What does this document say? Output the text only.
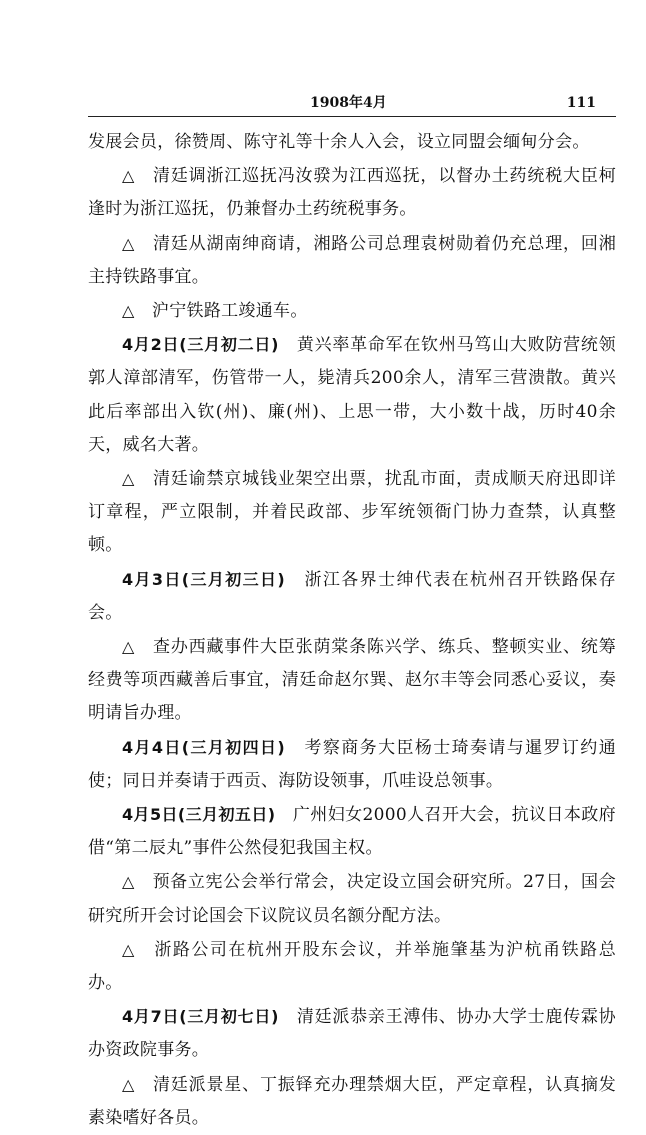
1908年4月	111

发展会员，徐赞周、陈守礼等十余人入会，设立同盟会缅甸分会。

△　 清廷调浙江巡抚冯汝骙为江西巡抚，以督办土药统税大臣柯逢时为浙江巡抚，仍兼督办土药统税事务。

△　 清廷从湖南绅商请，湘路公司总理袁树勋着仍充总理，回湘主持铁路事宜。

△　 沪宁铁路工竣通车。

4月2日(三月初二日)　 黄兴率革命军在钦州马笃山大败防营统领郭人漳部清军，伤管带一人，毙清兵200余人，清军三营溃散。黄兴此后率部出入钦(州)、廉(州)、上思一带，大小数十战，历时40余天，威名大著。

△　 清廷谕禁京城钱业架空出票，扰乱市面，责成顺天府迅即详订章程，严立限制，并着民政部、步军统领衙门协力查禁，认真整顿。

4月3日(三月初三日)　 浙江各界士绅代表在杭州召开铁路保存会。

△　 查办西藏事件大臣张荫棠条陈兴学、练兵、整顿实业、统筹经费等项西藏善后事宜，清廷命赵尔巽、赵尔丰等会同悉心妥议，奏明请旨办理。

4月4日(三月初四日)　 考察商务大臣杨士琦奏请与暹罗订约通使；同日并奏请于西贡、海防设领事，爪哇设总领事。

4月5日(三月初五日)　 广州妇女2000人召开大会，抗议日本政府借“第二辰丸”事件公然侵犯我国主权。

△　 预备立宪公会举行常会，决定设立国会研究所。27日，国会研究所开会讨论国会下议院议员名额分配方法。

△　 浙路公司在杭州开股东会议，并举施肇基为沪杭甬铁路总办。

4月7日(三月初七日)　 清廷派恭亲王溥伟、协办大学士鹿传霖协办资政院事务。

△　 清廷派景星、丁振铎充办理禁烟大臣，严定章程，认真摘发素染嗜好各员。
